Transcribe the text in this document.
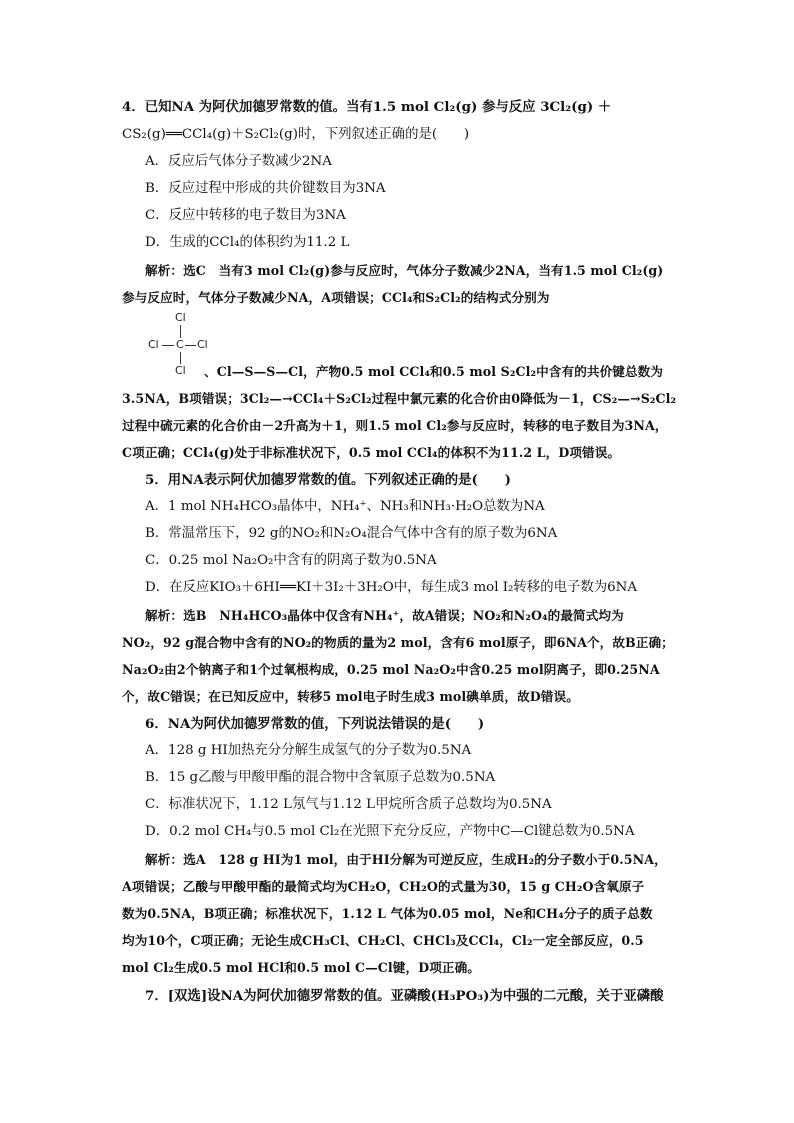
4．已知NA 为阿伏加德罗常数的值。当有1.5 mol Cl₂(g) 参与反应 3Cl₂(g) ＋
CS₂(g)══CCl₄(g)＋S₂Cl₂(g)时，下列叙述正确的是(　　)
A．反应后气体分子数减少2NA
B．反应过程中形成的共价键数目为3NA
C．反应中转移的电子数目为3NA
D．生成的CCl₄的体积约为11.2 L
解析：选C　当有3 mol Cl₂(g)参与反应时，气体分子数减少2NA，当有1.5 mol Cl₂(g)
参与反应时，气体分子数减少NA，A项错误；CCl₄和S₂Cl₂的结构式分别为
Cl
Cl C Cl
Cl 、Cl—S—S—Cl，产物0.5 mol CCl₄和0.5 mol S₂Cl₂中含有的共价键总数为
3.5NA，B项错误；3Cl₂—→CCl₄＋S₂Cl₂过程中氯元素的化合价由0降低为－1，CS₂—→S₂Cl₂
过程中硫元素的化合价由－2升高为＋1，则1.5 mol Cl₂参与反应时，转移的电子数目为3NA，
C项正确；CCl₄(g)处于非标准状况下，0.5 mol CCl₄的体积不为11.2 L，D项错误。
5．用NA表示阿伏加德罗常数的值。下列叙述正确的是(　　)
A．1 mol NH₄HCO₃晶体中，NH₄⁺、NH₃和NH₃·H₂O总数为NA
B．常温常压下，92 g的NO₂和N₂O₄混合气体中含有的原子数为6NA
C．0.25 mol Na₂O₂中含有的阴离子数为0.5NA
D．在反应KIO₃＋6HI══KI＋3I₂＋3H₂O中，每生成3 mol I₂转移的电子数为6NA
解析：选B　NH₄HCO₃晶体中仅含有NH₄⁺，故A错误；NO₂和N₂O₄的最简式均为
NO₂，92 g混合物中含有的NO₂的物质的量为2 mol，含有6 mol原子，即6NA个，故B正确；
Na₂O₂由2个钠离子和1个过氧根构成，0.25 mol Na₂O₂中含0.25 mol阴离子，即0.25NA
个，故C错误；在已知反应中，转移5 mol电子时生成3 mol碘单质，故D错误。
6．NA为阿伏加德罗常数的值，下列说法错误的是(　　)
A．128 g HI加热充分分解生成氢气的分子数为0.5NA
B．15 g乙酸与甲酸甲酯的混合物中含氧原子总数为0.5NA
C．标准状况下，1.12 L氖气与1.12 L甲烷所含质子总数均为0.5NA
D．0.2 mol CH₄与0.5 mol Cl₂在光照下充分反应，产物中C—Cl键总数为0.5NA
解析：选A　128 g HI为1 mol，由于HI分解为可逆反应，生成H₂的分子数小于0.5NA，
A项错误；乙酸与甲酸甲酯的最简式均为CH₂O，CH₂O的式量为30，15 g CH₂O含氧原子
数为0.5NA，B项正确；标准状况下，1.12 L 气体为0.05 mol，Ne和CH₄分子的质子总数
均为10个，C项正确；无论生成CH₃Cl、CH₂Cl、CHCl₃及CCl₄，Cl₂一定全部反应，0.5
mol Cl₂生成0.5 mol HCl和0.5 mol C—Cl键，D项正确。
7．[双选]设NA为阿伏加德罗常数的值。亚磷酸(H₃PO₃)为中强的二元酸，关于亚磷酸
